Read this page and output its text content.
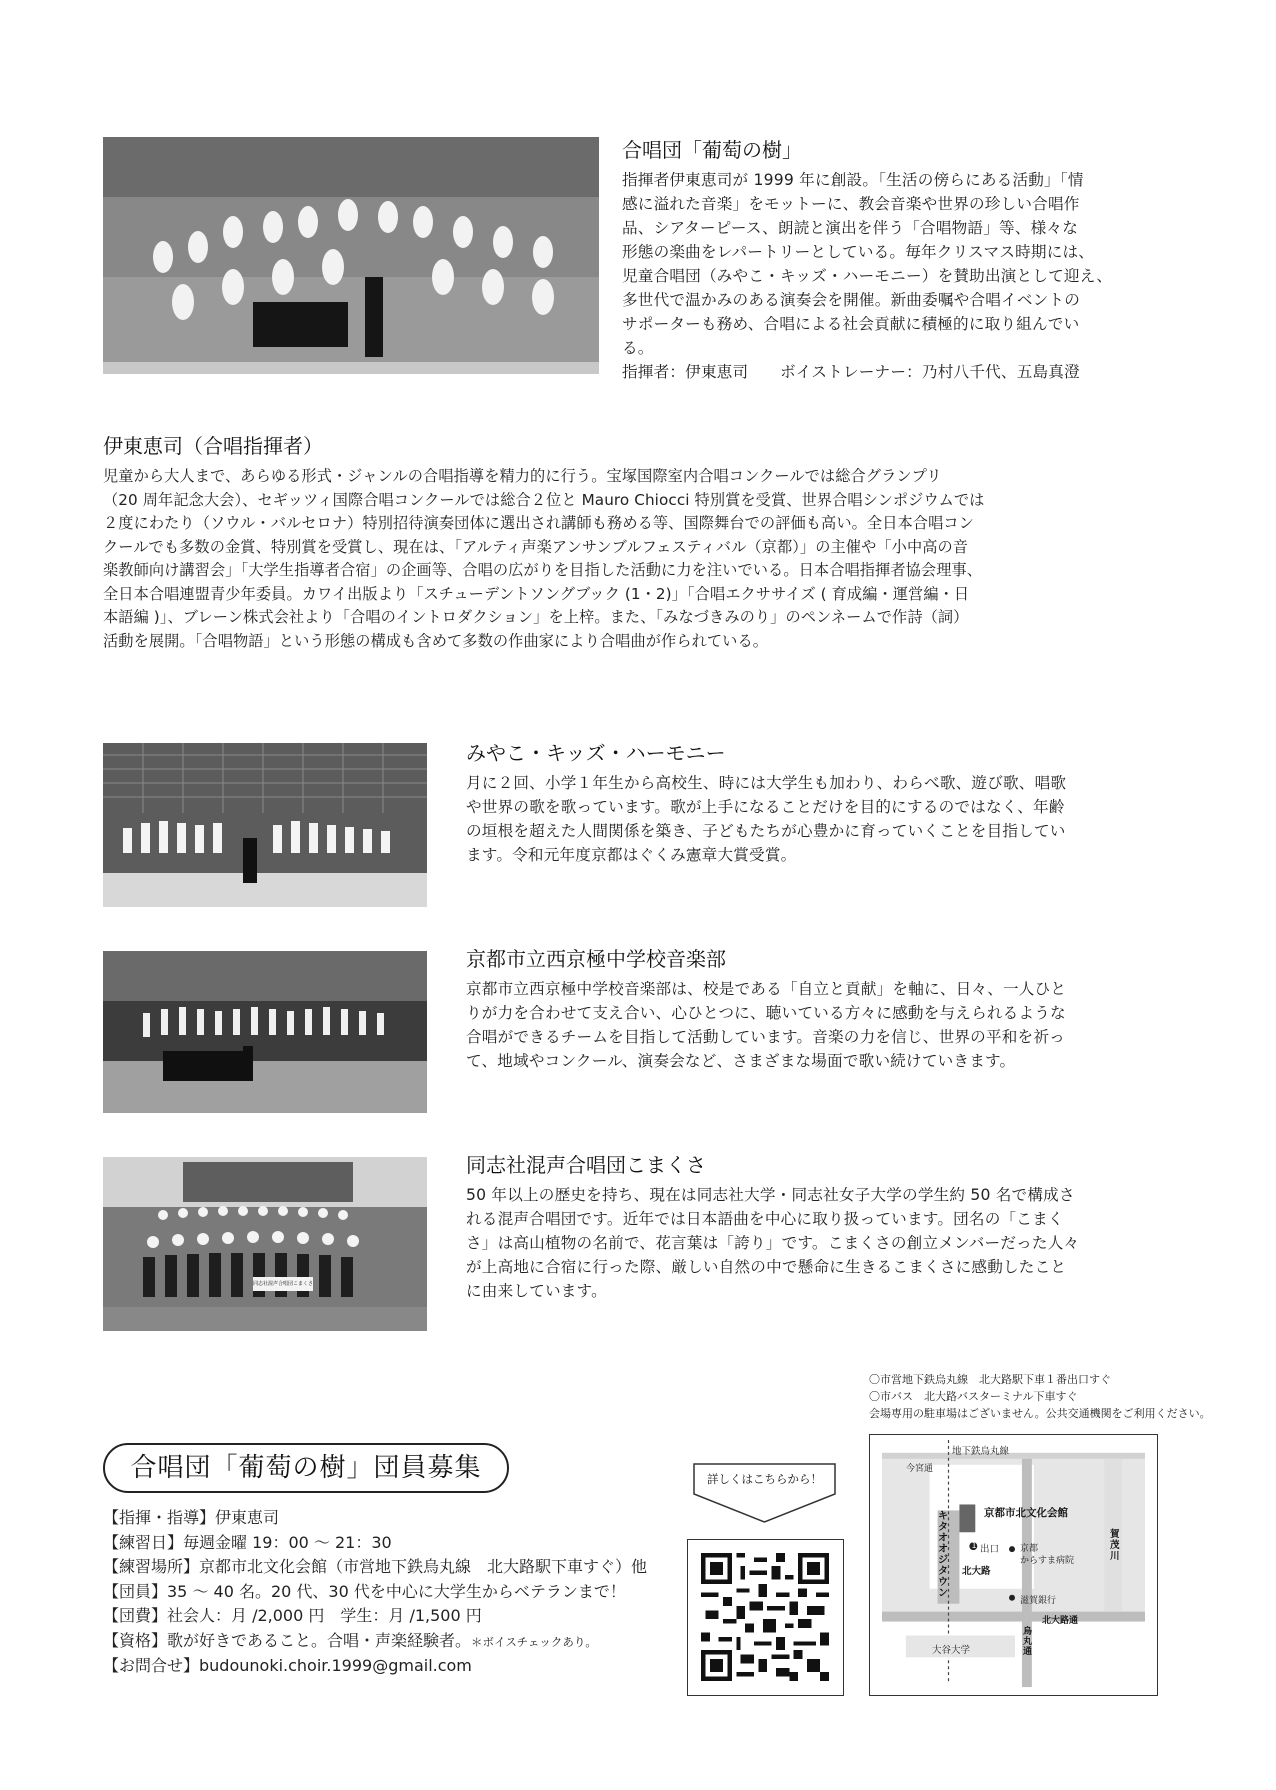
合唱団「葡萄の樹」

指揮者伊東恵司が 1999 年に創設。「生活の傍らにある活動」「情

感に溢れた音楽」をモットーに、教会音楽や世界の珍しい合唱作

品、シアターピース、朗読と演出を伴う「合唱物語」等、様々な

形態の楽曲をレパートリーとしている。毎年クリスマス時期には、

児童合唱団（みやこ・キッズ・ハーモニー）を賛助出演として迎え、

多世代で温かみのある演奏会を開催。新曲委嘱や合唱イベントの

サポーターも務め、合唱による社会貢献に積極的に取り組んでい

る。

指揮者：伊東恵司　　ボイストレーナー：乃村八千代、五島真澄

伊東恵司（合唱指揮者）

児童から大人まで、あらゆる形式・ジャンルの合唱指導を精力的に行う。宝塚国際室内合唱コンクールでは総合グランプリ

（20 周年記念大会）、セギッツィ国際合唱コンクールでは総合２位と Mauro Chiocci 特別賞を受賞、世界合唱シンポジウムでは

２度にわたり（ソウル・バルセロナ）特別招待演奏団体に選出され講師も務める等、国際舞台での評価も高い。全日本合唱コン

クールでも多数の金賞、特別賞を受賞し、現在は、「アルティ声楽アンサンブルフェスティバル（京都）」の主催や「小中高の音

楽教師向け講習会」「大学生指導者合宿」の企画等、合唱の広がりを目指した活動に力を注いでいる。日本合唱指揮者協会理事、

全日本合唱連盟青少年委員。カワイ出版より「スチューデントソングブック (1・2)」「合唱エクササイズ ( 育成編・運営編・日

本語編 )」、ブレーン株式会社より「合唱のイントロダクション」を上梓。また、「みなづきみのり」のペンネームで作詩（詞）

活動を展開。「合唱物語」という形態の構成も含めて多数の作曲家により合唱曲が作られている。

みやこ・キッズ・ハーモニー

月に２回、小学１年生から高校生、時には大学生も加わり、わらべ歌、遊び歌、唱歌

や世界の歌を歌っています。歌が上手になることだけを目的にするのではなく、年齢

の垣根を超えた人間関係を築き、子どもたちが心豊かに育っていくことを目指してい

ます。令和元年度京都はぐくみ憲章大賞受賞。

京都市立西京極中学校音楽部

京都市立西京極中学校音楽部は、校是である「自立と貢献」を軸に、日々、一人ひと

りが力を合わせて支え合い、心ひとつに、聴いている方々に感動を与えられるような

合唱ができるチームを目指して活動しています。音楽の力を信じ、世界の平和を祈っ

て、地域やコンクール、演奏会など、さまざまな場面で歌い続けていきます。

同志社混声合唱団こまくさ

同志社混声合唱団こまくさ

50 年以上の歴史を持ち、現在は同志社大学・同志社女子大学の学生約 50 名で構成さ

れる混声合唱団です。近年では日本語曲を中心に取り扱っています。団名の「こまく

さ」は高山植物の名前で、花言葉は「誇り」です。こまくさの創立メンバーだった人々

が上高地に合宿に行った際、厳しい自然の中で懸命に生きるこまくさに感動したこと

に由来しています。

合唱団「葡萄の樹」団員募集
【指揮・指導】伊東恵司
【練習日】毎週金曜 19：00 ～ 21：30
【練習場所】京都市北文化会館（市営地下鉄烏丸線　北大路駅下車すぐ）他
【団員】35 ～ 40 名。20 代、30 代を中心に大学生からベテランまで！
【団費】社会人：月 /2,000 円　学生：月 /1,500 円
【資格】歌が好きであること。合唱・声楽経験者。＊ボイスチェックあり。
【お問合せ】budounoki.choir.1999@gmail.com
詳しくはこちらから！
〇市営地下鉄烏丸線　北大路駅下車１番出口すぐ
〇市バス　北大路バスターミナル下車すぐ
会場専用の駐車場はございません。公共交通機関をご利用ください。
地下鉄烏丸線
今宮通
京都市北文化会館
1 出口
キタオオジタウン
北大路
京都
からすま病院
滋賀銀行
北大路通
烏丸通
大谷大学
賀茂川
